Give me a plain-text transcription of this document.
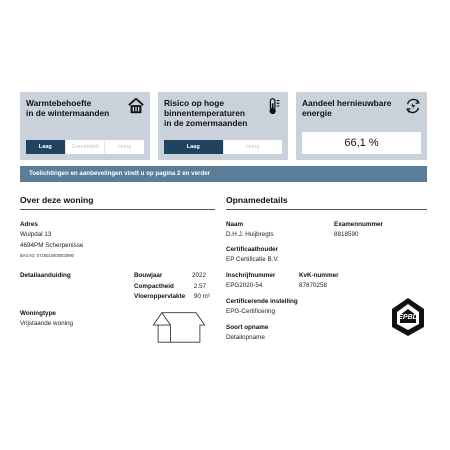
Warmtebehoefte
in de wintermaanden
Laag	Gemiddeld	Hoog
Risico op hoge
binnentemperaturen
in de zomermaanden
Laag	Hoog
Aandeel hernieuwbare
energie
66,1 %
Toelichtingen en aanbevelingen vindt u op pagina 2 en verder
Over deze woning
Adres
Wulpdal 13
4694PM Scherpenisse
BAG-ID: 0716010000003990
Detailaanduiding	Bouwjaar	2022
Compactheid	2.57
Vloeroppervlakte	90 m²
Woningtype
Vrijstaande woning
Opnamedetails
Naam
D.H.J. Huijbregts
Examennummer
8818590
Certificaathouder
EP Certificatie B.V.
Inschrijfnummer
EPG2020-54
KvK-nummer
87870258
Certificerende instelling
EPG-Certificering
Soort opname
Detailopname
EPBD
